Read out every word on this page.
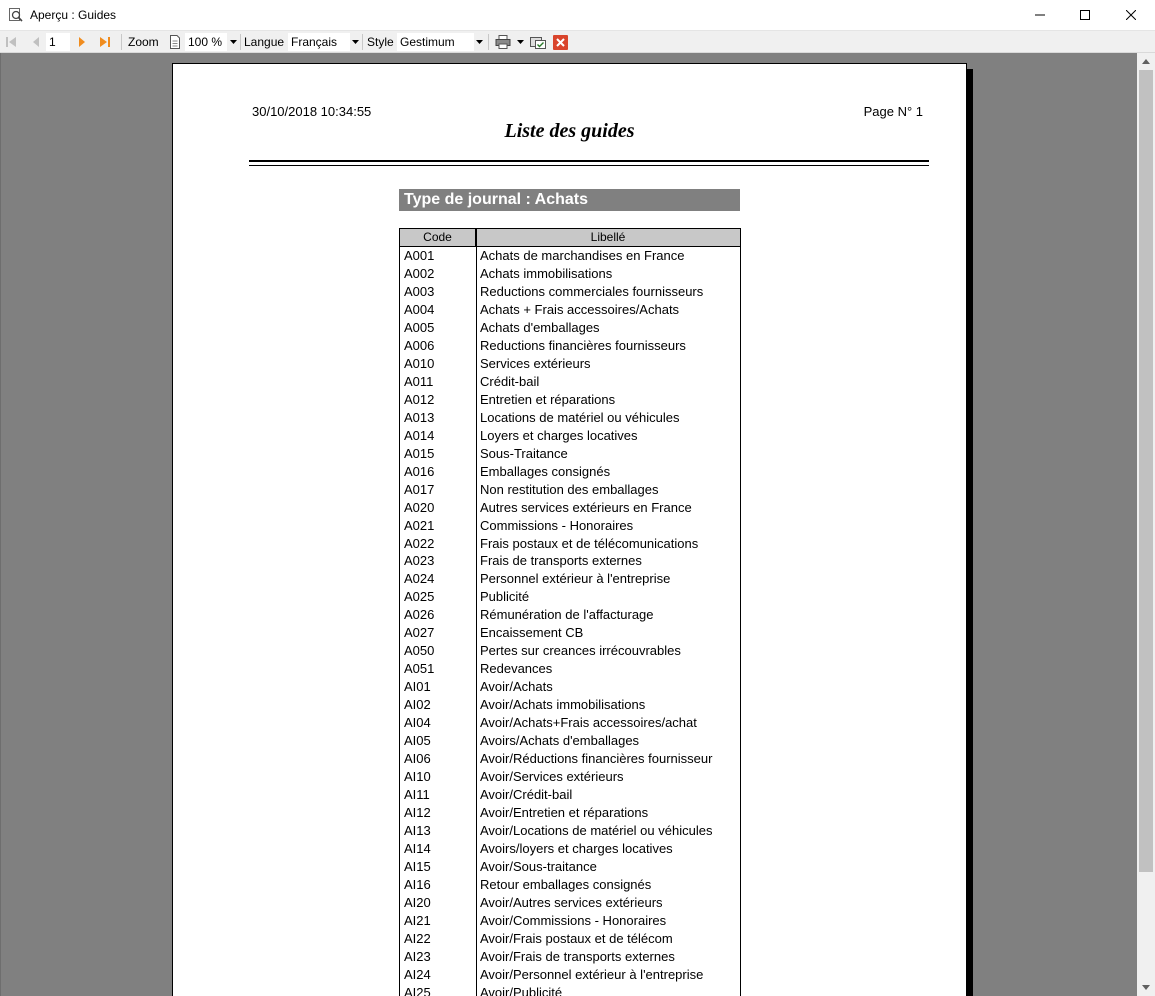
Aperçu : Guides
1
Zoom 100 %	Langue Français	Style Gestimum
30/10/2018 10:34:55	Page N° 1
Liste des guides
Type de journal : Achats
Code	Libellé
A001	Achats de marchandises en France
A002	Achats immobilisations
A003	Reductions commerciales fournisseurs
A004	Achats + Frais accessoires/Achats
A005	Achats d'emballages
A006	Reductions financières fournisseurs
A010	Services extérieurs
A011	Crédit-bail
A012	Entretien et réparations
A013	Locations de matériel ou véhicules
A014	Loyers et charges locatives
A015	Sous-Traitance
A016	Emballages consignés
A017	Non restitution des emballages
A020	Autres services extérieurs en France
A021	Commissions - Honoraires
A022	Frais postaux et de télécomunications
A023	Frais de transports externes
A024	Personnel extérieur à l'entreprise
A025	Publicité
A026	Rémunération de l'affacturage
A027	Encaissement CB
A050	Pertes sur creances irrécouvrables
A051	Redevances
AI01	Avoir/Achats
AI02	Avoir/Achats immobilisations
AI04	Avoir/Achats+Frais accessoires/achat
AI05	Avoirs/Achats d'emballages
AI06	Avoir/Réductions financières fournisseur
AI10	Avoir/Services extérieurs
AI11	Avoir/Crédit-bail
AI12	Avoir/Entretien et réparations
AI13	Avoir/Locations de matériel ou véhicules
AI14	Avoirs/loyers et charges locatives
AI15	Avoir/Sous-traitance
AI16	Retour emballages consignés
AI20	Avoir/Autres services extérieurs
AI21	Avoir/Commissions - Honoraires
AI22	Avoir/Frais postaux et de télécom
AI23	Avoir/Frais de transports externes
AI24	Avoir/Personnel extérieur à l'entreprise
AI25	Avoir/Publicité
